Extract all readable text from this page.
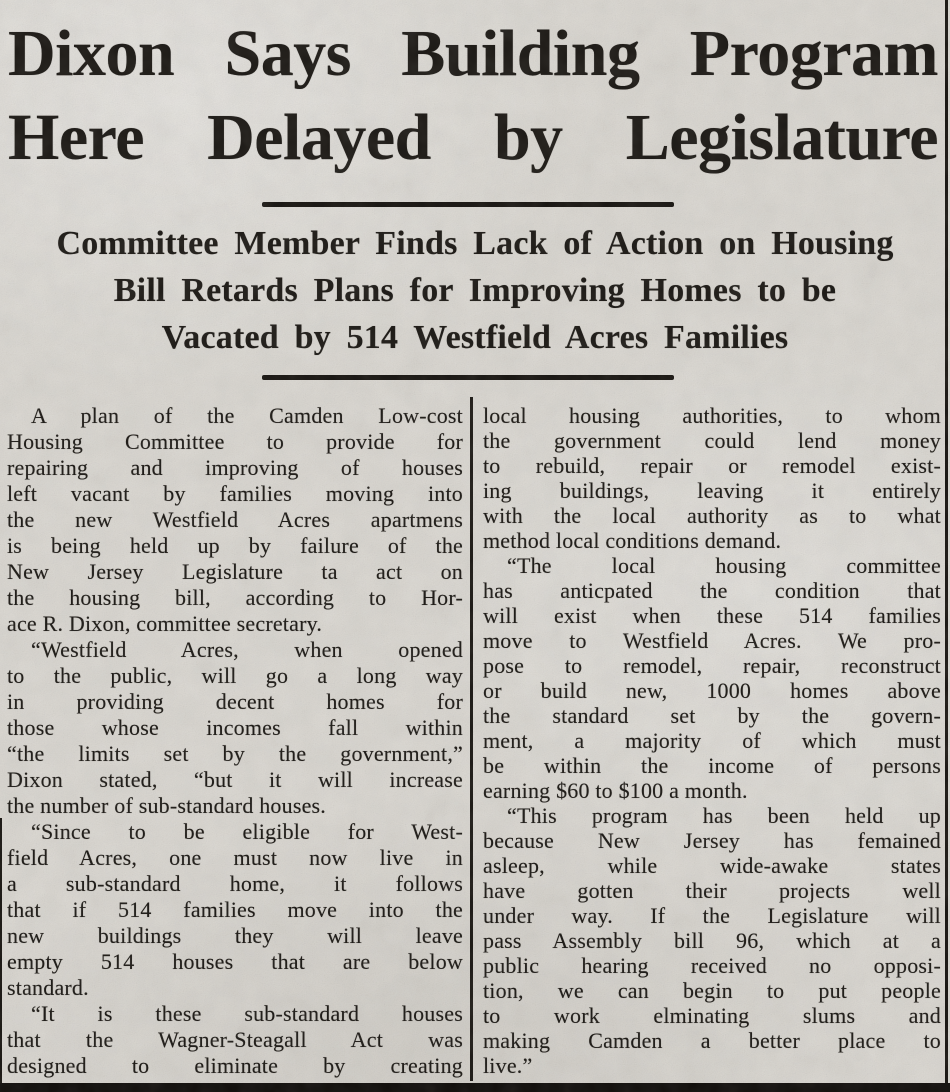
Dixon Says Building Program
Here Delayed by Legislature
Committee Member Finds Lack of Action on Housing
Bill Retards Plans for Improving Homes to be
Vacated by 514 Westfield Acres Families
A plan of the Camden Low-cost
Housing Committee to provide for
repairing and improving of houses
left vacant by families moving into
the new Westfield Acres apartmens
is being held up by failure of the
New Jersey Legislature ta act on
the housing bill, according to Hor-
ace R. Dixon, committee secretary.
“Westfield Acres, when opened
to the public, will go a long way
in providing decent homes for
those whose incomes fall within
“the limits set by the government,”
Dixon stated, “but it will increase
the number of sub-standard houses.
“Since to be eligible for West-
field Acres, one must now live in
a sub-standard home, it follows
that if 514 families move into the
new buildings they will leave
empty 514 houses that are below
standard.
“It is these sub-standard houses
that the Wagner-Steagall Act was
designed to eliminate by creating
local housing authorities, to whom
the government could lend money
to rebuild, repair or remodel exist-
ing buildings, leaving it entirely
with the local authority as to what
method local conditions demand.
“The local housing committee
has anticpated the condition that
will exist when these 514 families
move to Westfield Acres. We pro-
pose to remodel, repair, reconstruct
or build new, 1000 homes above
the standard set by the govern-
ment, a majority of which must
be within the income of persons
earning $60 to $100 a month.
“This program has been held up
because New Jersey has femained
asleep, while wide-awake states
have gotten their projects well
under way. If the Legislature will
pass Assembly bill 96, which at a
public hearing received no opposi-
tion, we can begin to put people
to work elminating slums and
making Camden a better place to
live.”
